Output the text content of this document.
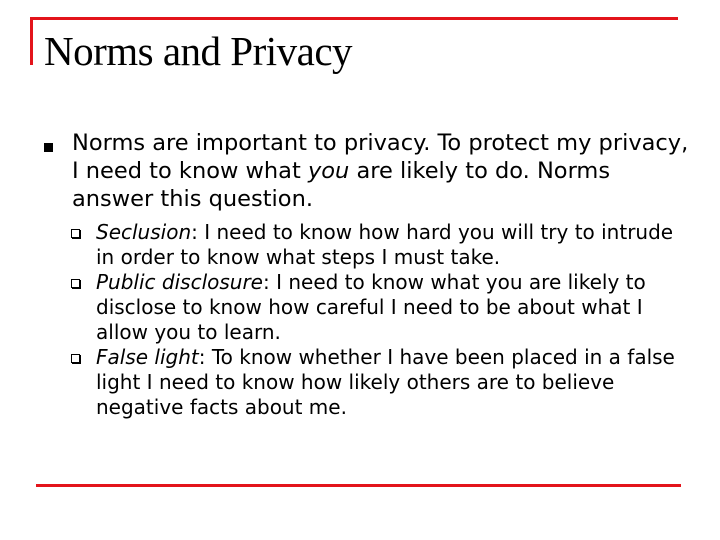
Norms and Privacy

Norms are important to privacy. To protect my privacy, I need to know what you are likely to do. Norms answer this question.

Seclusion: I need to know how hard you will try to intrude in order to know what steps I must take.
Public disclosure: I need to know what you are likely to disclose to know how careful I need to be about what I allow you to learn.
False light: To know whether I have been placed in a false light I need to know how likely others are to believe negative facts about me.
